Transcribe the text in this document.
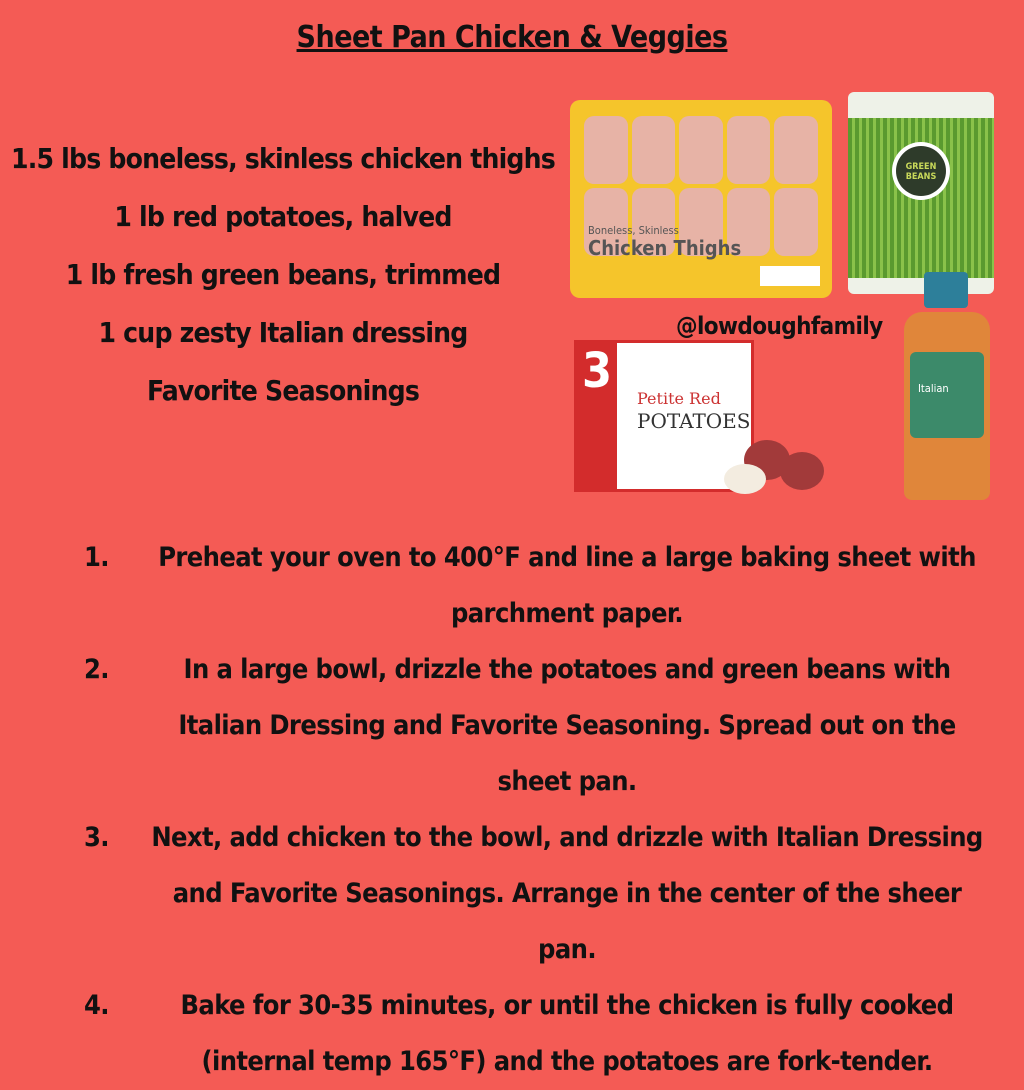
Sheet Pan Chicken & Veggies
1.5 lbs boneless, skinless chicken thighs
1 lb red potatoes, halved
1 lb fresh green beans, trimmed
1 cup zesty Italian dressing
Favorite Seasonings
Boneless, Skinless
Chicken Thighs
GREEN BEANS
@lowdoughfamily
3	Petite Red
POTATOES
Italian
1.	Preheat your oven to 400°F and line a large baking sheet with parchment paper.
2.	In a large bowl, drizzle the potatoes and green beans with Italian Dressing and Favorite Seasoning. Spread out on the sheet pan.
3.	Next, add chicken to the bowl, and drizzle with Italian Dressing and Favorite Seasonings. Arrange in the center of the sheer pan.
4.	Bake for 30-35 minutes, or until the chicken is fully cooked (internal temp 165°F) and the potatoes are fork-tender.
